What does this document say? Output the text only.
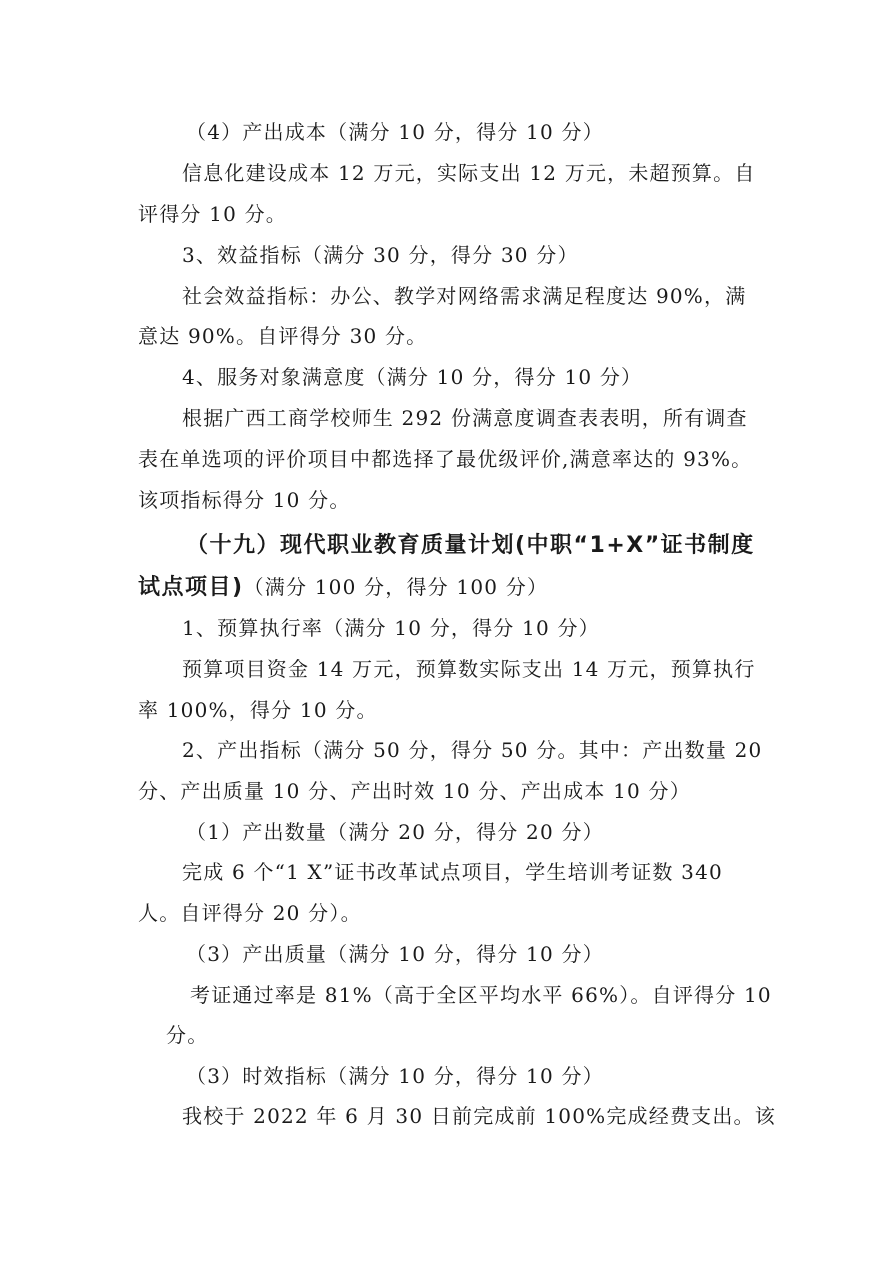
（4）产出成本（满分 10 分，得分 10 分）
信息化建设成本 12 万元，实际支出 12 万元，未超预算。自
评得分 10 分。
3、效益指标（满分 30 分，得分 30 分）
社会效益指标：办公、教学对网络需求满足程度达 90%，满
意达 90%。自评得分 30 分。
4、服务对象满意度（满分 10 分，得分 10 分）
根据广西工商学校师生 292 份满意度调查表表明，所有调查
表在单选项的评价项目中都选择了最优级评价,满意率达的 93%。
该项指标得分 10 分。
（十九）现代职业教育质量计划(中职“1+X”证书制度
试点项目)（满分 100 分，得分 100 分）
1、预算执行率（满分 10 分，得分 10 分）
预算项目资金 14 万元，预算数实际支出 14 万元，预算执行
率 100%，得分 10 分。
2、产出指标（满分 50 分，得分 50 分。其中：产出数量 20
分、产出质量 10 分、产出时效 10 分、产出成本 10 分）
（1）产出数量（满分 20 分，得分 20 分）
完成 6 个“1 X”证书改革试点项目，学生培训考证数 340
人。自评得分 20 分）。
（3）产出质量（满分 10 分，得分 10 分）
考证通过率是 81%（高于全区平均水平 66%）。自评得分 10
分。
（3）时效指标（满分 10 分，得分 10 分）
我校于 2022 年 6 月 30 日前完成前 100%完成经费支出。该
